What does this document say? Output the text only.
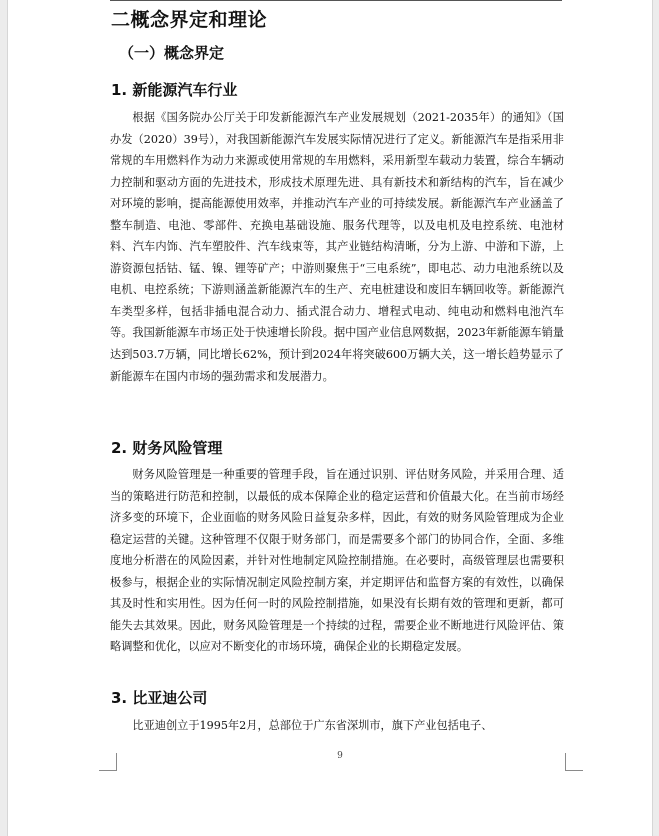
二概念界定和理论
（一）概念界定
1. 新能源汽车行业

根据《国务院办公厅关于印发新能源汽车产业发展规划（2021-2035年）的通知》（国办发（2020）39号），对我国新能源汽车发展实际情况进行了定义。新能源汽车是指采用非常规的车用燃料作为动力来源或使用常规的车用燃料，采用新型车载动力装置，综合车辆动力控制和驱动方面的先进技术，形成技术原理先进、具有新技术和新结构的汽车，旨在减少对环境的影响，提高能源使用效率，并推动汽车产业的可持续发展。新能源汽车产业涵盖了整车制造、电池、零部件、充换电基础设施、服务代理等，以及电机及电控系统、电池材料、汽车内饰、汽车塑胶件、汽车线束等，其产业链结构清晰，分为上游、中游和下游，上游资源包括钴、锰、镍、锂等矿产；中游则聚焦于“三电系统”，即电芯、动力电池系统以及电机、电控系统；下游则涵盖新能源汽车的生产、充电桩建设和废旧车辆回收等。新能源汽车类型多样，包括非插电混合动力、插式混合动力、增程式电动、纯电动和燃料电池汽车等。我国新能源车市场正处于快速增长阶段。据中国产业信息网数据，2023年新能源车销量达到503.7万辆，同比增长62%，预计到2024年将突破600万辆大关，这一增长趋势显示了新能源车在国内市场的强劲需求和发展潜力。

2. 财务风险管理

财务风险管理是一种重要的管理手段，旨在通过识别、评估财务风险，并采用合理、适当的策略进行防范和控制，以最低的成本保障企业的稳定运营和价值最大化。在当前市场经济多变的环境下，企业面临的财务风险日益复杂多样，因此，有效的财务风险管理成为企业稳定运营的关键。这种管理不仅限于财务部门，而是需要多个部门的协同合作，全面、多维度地分析潜在的风险因素，并针对性地制定风险控制措施。在必要时，高级管理层也需要积极参与，根据企业的实际情况制定风险控制方案，并定期评估和监督方案的有效性，以确保其及时性和实用性。因为任何一时的风险控制措施，如果没有长期有效的管理和更新，都可能失去其效果。因此，财务风险管理是一个持续的过程，需要企业不断地进行风险评估、策略调整和优化，以应对不断变化的市场环境，确保企业的长期稳定发展。

3. 比亚迪公司

比亚迪创立于1995年2月，总部位于广东省深圳市，旗下产业包括电子、

9
